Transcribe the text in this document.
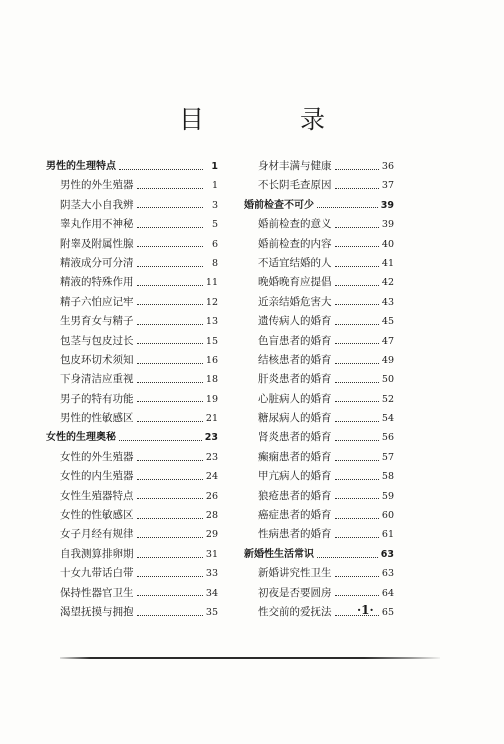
目 录
男性的生理特点	1
男性的外生殖器	1
阴茎大小自我辨	3
睾丸作用不神秘	5
附睾及附属性腺	6
精液成分可分清	8
精液的特殊作用	11
精子六怕应记牢	12
生男育女与精子	13
包茎与包皮过长	15
包皮环切术须知	16
下身清洁应重视	18
男子的特有功能	19
男性的性敏感区	21
女性的生理奥秘	23
女性的外生殖器	23
女性的内生殖器	24
女性生殖器特点	26
女性的性敏感区	28
女子月经有规律	29
自我测算排卵期	31
十女九带话白带	33
保持性器官卫生	34
渴望抚摸与拥抱	35
身材丰满与健康	36
不长阴毛查原因	37
婚前检查不可少	39
婚前检查的意义	39
婚前检查的内容	40
不适宜结婚的人	41
晚婚晚育应提倡	42
近亲结婚危害大	43
遗传病人的婚育	45
色盲患者的婚育	47
结核患者的婚育	49
肝炎患者的婚育	50
心脏病人的婚育	52
糖尿病人的婚育	54
肾炎患者的婚育	56
癫痫患者的婚育	57
甲亢病人的婚育	58
狼疮患者的婚育	59
癌症患者的婚育	60
性病患者的婚育	61
新婚性生活常识	63
新婚讲究性卫生	63
初夜是否要圆房	64
性交前的爱抚法	65
·1·
